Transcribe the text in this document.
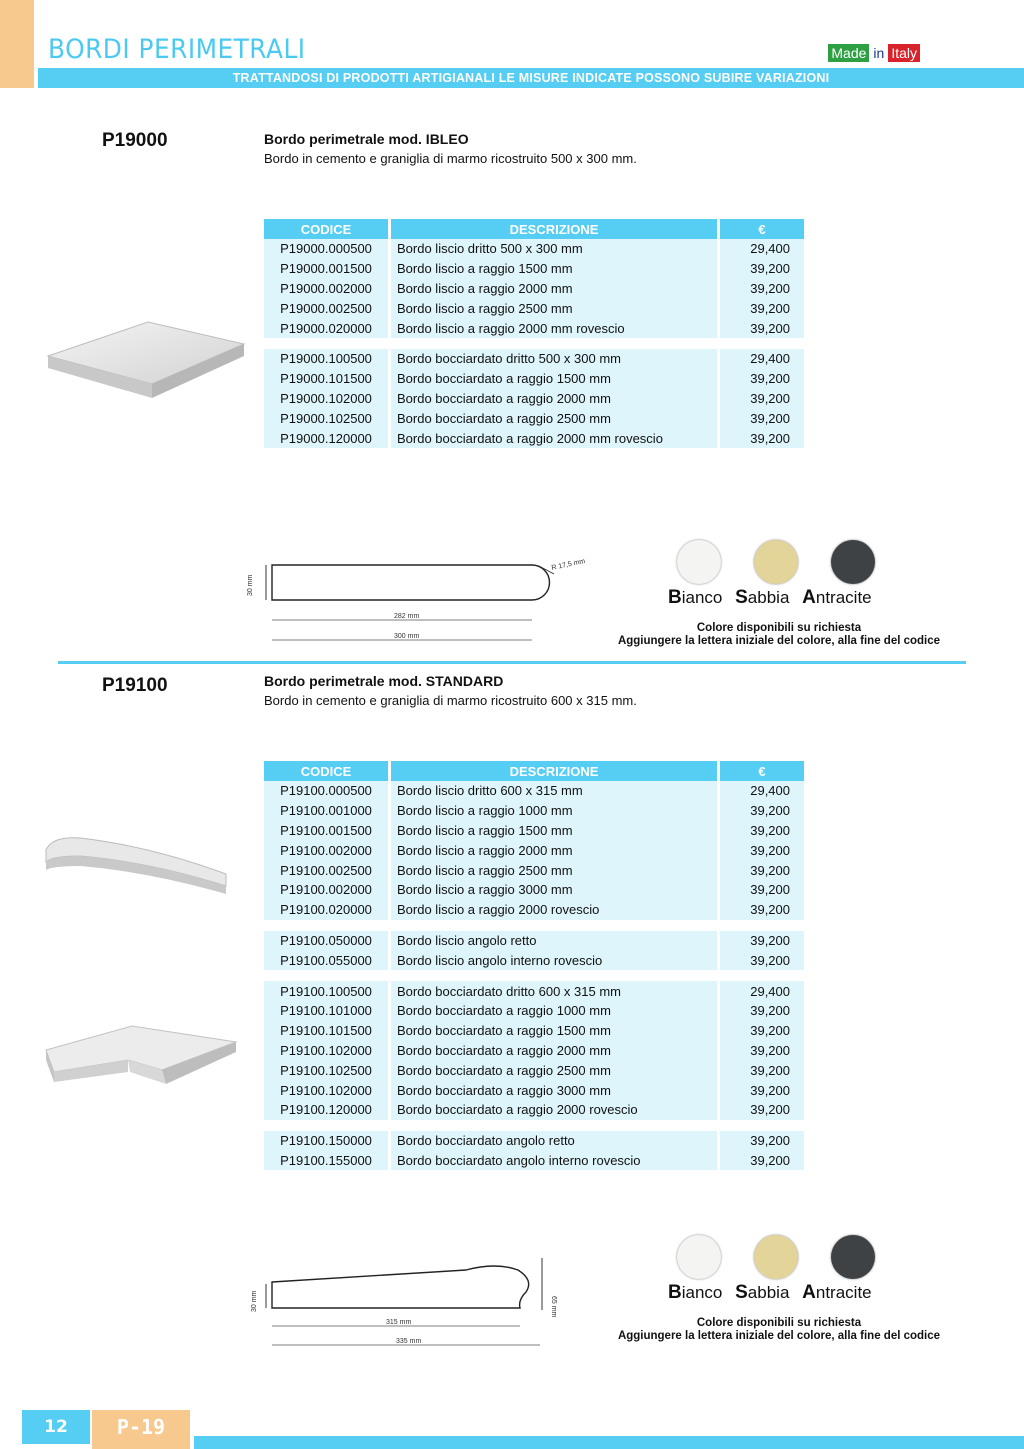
BORDI PERIMETRALI	Made in Italy
TRATTANDOSI DI PRODOTTI ARTIGIANALI LE MISURE INDICATE POSSONO SUBIRE VARIAZIONI
P19000	Bordo perimetrale mod. IBLEO
Bordo in cemento e graniglia di marmo ricostruito 500 x 300 mm.
CODICE	DESCRIZIONE	€
P19000.000500	Bordo liscio dritto 500 x 300 mm	29,400
P19000.001500	Bordo liscio a raggio 1500 mm	39,200
P19000.002000	Bordo liscio a raggio 2000 mm	39,200
P19000.002500	Bordo liscio a raggio 2500 mm	39,200
P19000.020000	Bordo liscio a raggio 2000 mm rovescio	39,200

P19000.100500	Bordo bocciardato dritto 500 x 300 mm	29,400
P19000.101500	Bordo bocciardato a raggio 1500 mm	39,200
P19000.102000	Bordo bocciardato a raggio 2000 mm	39,200
P19000.102500	Bordo bocciardato a raggio 2500 mm	39,200
P19000.120000	Bordo bocciardato a raggio 2000 mm rovescio	39,200
30 mm
R 17,5 mm
282 mm
300 mm
Bianco Sabbia Antracite
Colore disponibili su richiesta
Aggiungere la lettera iniziale del colore, alla fine del codice
P19100	Bordo perimetrale mod. STANDARD
Bordo in cemento e graniglia di marmo ricostruito 600 x 315 mm.
CODICE	DESCRIZIONE	€
P19100.000500	Bordo liscio dritto 600 x 315 mm	29,400
P19100.001000	Bordo liscio a raggio 1000 mm	39,200
P19100.001500	Bordo liscio a raggio 1500 mm	39,200
P19100.002000	Bordo liscio a raggio 2000 mm	39,200
P19100.002500	Bordo liscio a raggio 2500 mm	39,200
P19100.002000	Bordo liscio a raggio 3000 mm	39,200
P19100.020000	Bordo liscio a raggio 2000 rovescio	39,200

P19100.050000	Bordo liscio angolo retto	39,200
P19100.055000	Bordo liscio angolo interno rovescio	39,200

P19100.100500	Bordo bocciardato dritto 600 x 315 mm	29,400
P19100.101000	Bordo bocciardato a raggio 1000 mm	39,200
P19100.101500	Bordo bocciardato a raggio 1500 mm	39,200
P19100.102000	Bordo bocciardato a raggio 2000 mm	39,200
P19100.102500	Bordo bocciardato a raggio 2500 mm	39,200
P19100.102000	Bordo bocciardato a raggio 3000 mm	39,200
P19100.120000	Bordo bocciardato a raggio 2000 rovescio	39,200

P19100.150000	Bordo bocciardato angolo retto	39,200
P19100.155000	Bordo bocciardato angolo interno rovescio	39,200
30 mm	65 mm
315 mm
335 mm
Bianco Sabbia Antracite
Colore disponibili su richiesta
Aggiungere la lettera iniziale del colore, alla fine del codice
12	P-19
